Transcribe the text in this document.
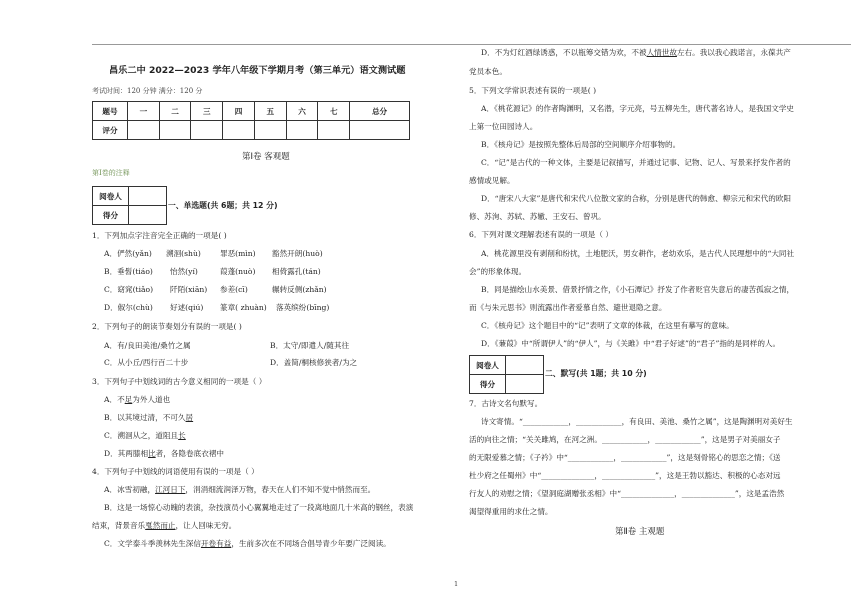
昌乐二中 2022—2023 学年八年级下学期月考（第三单元）语文测试题
考试时间：120 分钟 满分：120 分
题号	一	二	三	四	五	六	七	总分
评分								
第Ⅰ卷 客观题
第Ⅰ卷的注释
阅卷人	
得分	
一、单选题(共 6题；共 12 分)
1．下列加点字注音完全正确的一项是( )
A．俨然(yǎn) 溯洄(shù)	罪恶(mìn) 豁然开朗(huò)
B．垂髫(tiáo) 怡然(yí)	葭蓬(nuò) 相倚露孔(tán)
C．窈窕(tiǎo) 阡陌(xiān) 参差(cī)	辗转反侧(zhǎn)
D．俶尔(chù) 好逑(qiú) 篆章( zhuàn) 落英缤纷(bīng)
2．下列句子的朗读节奏划分有误的一项是( )
A．有/良田美池/桑竹之属	B．太守/即遣人/随其往
C．从小丘/西行百二十步	D．盖简/桐核修狭者/为之
3．下列句子中划线词的古今意义相同的一项是（ ）
A．不足为外人道也
B．以其境过清，不可久居
C．溯洄从之，道阻且长
D．其两膝相比者，各隐卷底衣褶中
4．下列句子中划线的词语使用有误的一项是（ ）
A．冰雪初融，江河日下，涓涓细流润泽万物，春天在人们不知不觉中悄然而至。
B．这是一场惊心动魄的表演，杂技演员小心翼翼地走过了一段离地面几十米高的钢丝，表演
结束，背景音乐戛然而止，让人回味无穷。
C．文学泰斗季羡林先生深信开卷有益，生前多次在不同场合倡导青少年要广泛阅读。
D．不为灯红酒绿诱惑，不以瓶筹交错为欢，不被人情世故左右。我以我心践诺言，永葆共产
党员本色。
5．下列文学常识表述有误的一项是( )
A．《桃花源记》的作者陶渊明，又名潜，字元亮，号五柳先生，唐代著名诗人，是我国文学史
上第一位田园诗人。
B．《核舟记》是按照先整体后局部的空间顺序介绍事物的。
C．“记”是古代的一种文体，主要是记叙描写，并通过记事、记物、记人、写景来抒发作者的
感情或见解。
D．“唐宋八大家”是唐代和宋代八位散文家的合称，分别是唐代的韩愈、柳宗元和宋代的欧阳
修、苏洵、苏轼、苏辙、王安石、曾巩。
6．下列对课文理解表述有误的一项是（ ）
A．桃花源里没有剥削和纷扰，土地肥沃，男女耕作，老幼欢乐，是古代人民理想中的“大同社
会”的形象体现。
B．同是描绘山水美景、借景抒情之作，《小石潭记》抒发了作者贬官失意后的凄苦孤寂之情，
而《与朱元思书》则流露出作者爱慕自然、避世退隐之意。
C．《核舟记》这个题目中的“记”表明了文章的体裁，在这里有摹写的意味。
D．《蒹葭》中“所谓伊人”的“伊人”，与《关雎》中“君子好逑”的“君子”指的是同样的人。
阅卷人	
得分	
二、默写(共 1题；共 10 分)
7．古诗文名句默写。
诗文寄情。“____________，____________，有良田、美池、桑竹之属”，这是陶渊明对美好生
活的向往之情；“关关雎鸠，在河之洲。____________，____________”，这是男子对美丽女子
的无限爱慕之情；《子衿》中“____________，____________”，这是刻骨铭心的思恋之情；《送
杜少府之任蜀州》中“______________，______________”，这是王勃以豁达、积极的心态对远
行友人的劝慰之情；《望洞庭湖赠张丞相》中“______________，______________”，这是孟浩然
渴望得重用的求仕之情。
第Ⅱ卷 主观题
1
